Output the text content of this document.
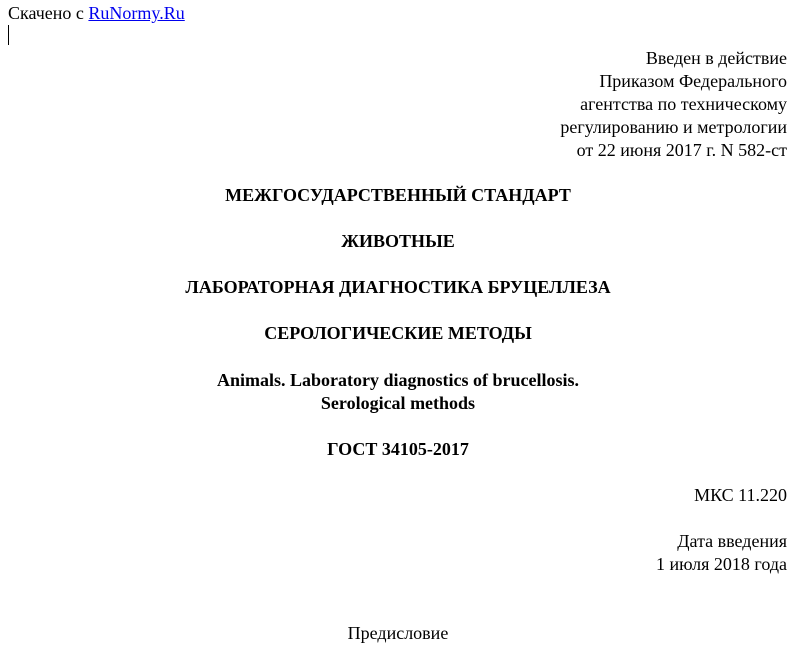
Скачено с RuNormy.Ru
Введен в действие
Приказом Федерального
агентства по техническому
регулированию и метрологии
от 22 июня 2017 г. N 582-ст
МЕЖГОСУДАРСТВЕННЫЙ СТАНДАРТ
ЖИВОТНЫЕ
ЛАБОРАТОРНАЯ ДИАГНОСТИКА БРУЦЕЛЛЕЗА
СЕРОЛОГИЧЕСКИЕ МЕТОДЫ
Animals. Laboratory diagnostics of brucellosis.
Serological methods
ГОСТ 34105-2017
МКС 11.220
Дата введения
1 июля 2018 года
Предисловие
